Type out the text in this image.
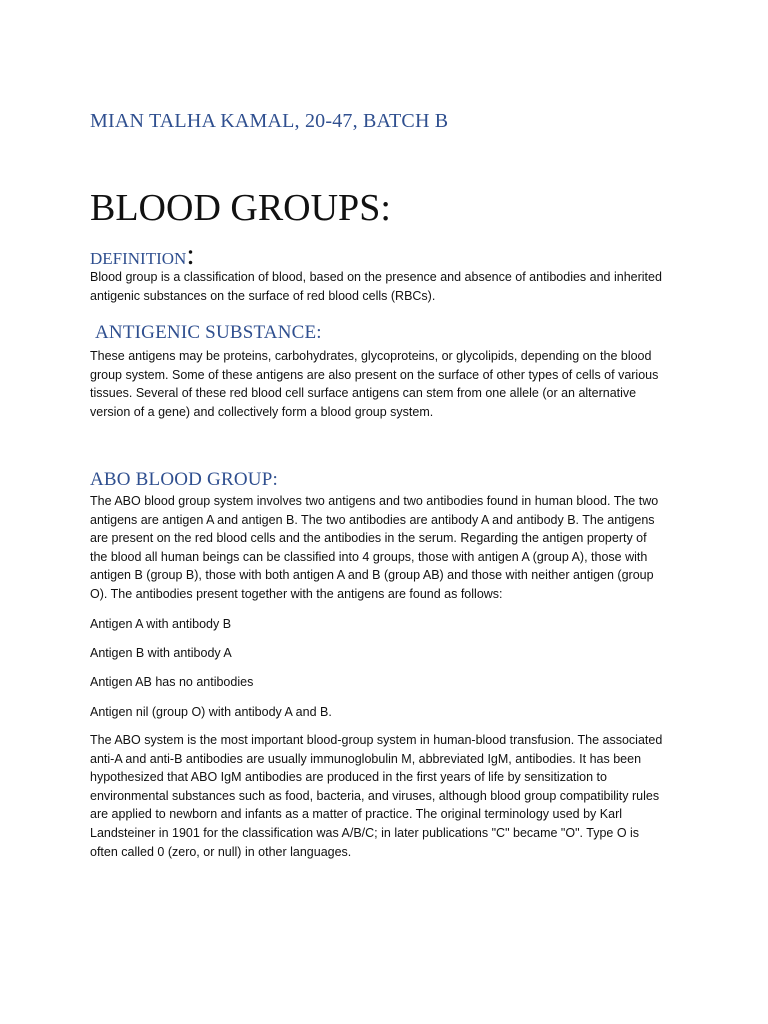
MIAN TALHA KAMAL, 20-47, BATCH B
BLOOD GROUPS:
DEFINITION:
Blood group is a classification of blood, based on the presence and absence of antibodies and inherited
antigenic substances on the surface of red blood cells (RBCs).
ANTIGENIC SUBSTANCE:
These antigens may be proteins, carbohydrates, glycoproteins, or glycolipids, depending on the blood
group system. Some of these antigens are also present on the surface of other types of cells of various
tissues. Several of these red blood cell surface antigens can stem from one allele (or an alternative
version of a gene) and collectively form a blood group system.
ABO BLOOD GROUP:
The ABO blood group system involves two antigens and two antibodies found in human blood. The two
antigens are antigen A and antigen B. The two antibodies are antibody A and antibody B. The antigens
are present on the red blood cells and the antibodies in the serum. Regarding the antigen property of
the blood all human beings can be classified into 4 groups, those with antigen A (group A), those with
antigen B (group B), those with both antigen A and B (group AB) and those with neither antigen (group
O). The antibodies present together with the antigens are found as follows:
Antigen A with antibody B
Antigen B with antibody A
Antigen AB has no antibodies
Antigen nil (group O) with antibody A and B.
The ABO system is the most important blood-group system in human-blood transfusion. The associated
anti-A and anti-B antibodies are usually immunoglobulin M, abbreviated IgM, antibodies. It has been
hypothesized that ABO IgM antibodies are produced in the first years of life by sensitization to
environmental substances such as food, bacteria, and viruses, although blood group compatibility rules
are applied to newborn and infants as a matter of practice. The original terminology used by Karl
Landsteiner in 1901 for the classification was A/B/C; in later publications "C" became "O". Type O is
often called 0 (zero, or null) in other languages.
